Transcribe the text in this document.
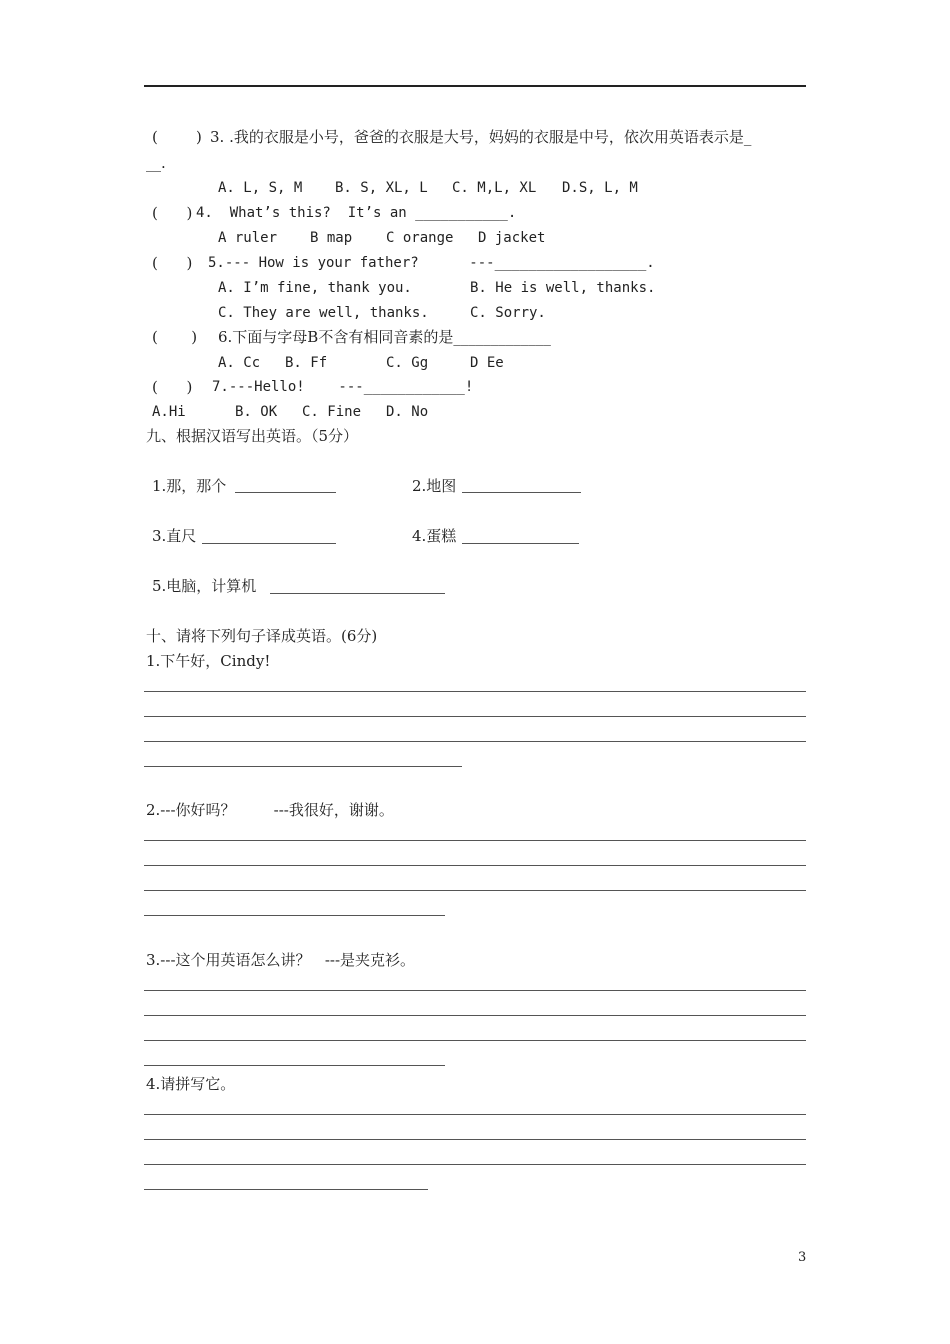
(        ) 3. .我的衣服是小号，爸爸的衣服是大号，妈妈的衣服是中号，依次用英语表示是_
__.
A. L, S, M B. S, XL, L C. M,L, XL D.S, L, M
(      ) 4.  What’s this?  It’s an ___________.
A ruler B map C orange D jacket
(      ) 5.--- How is your father?      ---__________________.
A. I’m fine, thank you.	B. He is well, thanks.
C. They are well, thanks.	C. Sorry.
(       ) 6.下面与字母B不含有相同音素的是_____________
A. Cc B. Ff	C. Gg	D Ee
(      ) 7.---Hello!    ---____________!
A.Hi	B. OK C. Fine D. No
九、根据汉语写出英语。（5分）
1.那，那个	2.地图
3.直尺	4.蛋糕
5.电脑，计算机
十、请将下列句子译成英语。(6分)
1.下午好，Cindy!
2.---你好吗？        ---我很好，谢谢。
3.---这个用英语怎么讲？   ---是夹克衫。
4.请拼写它。
3
